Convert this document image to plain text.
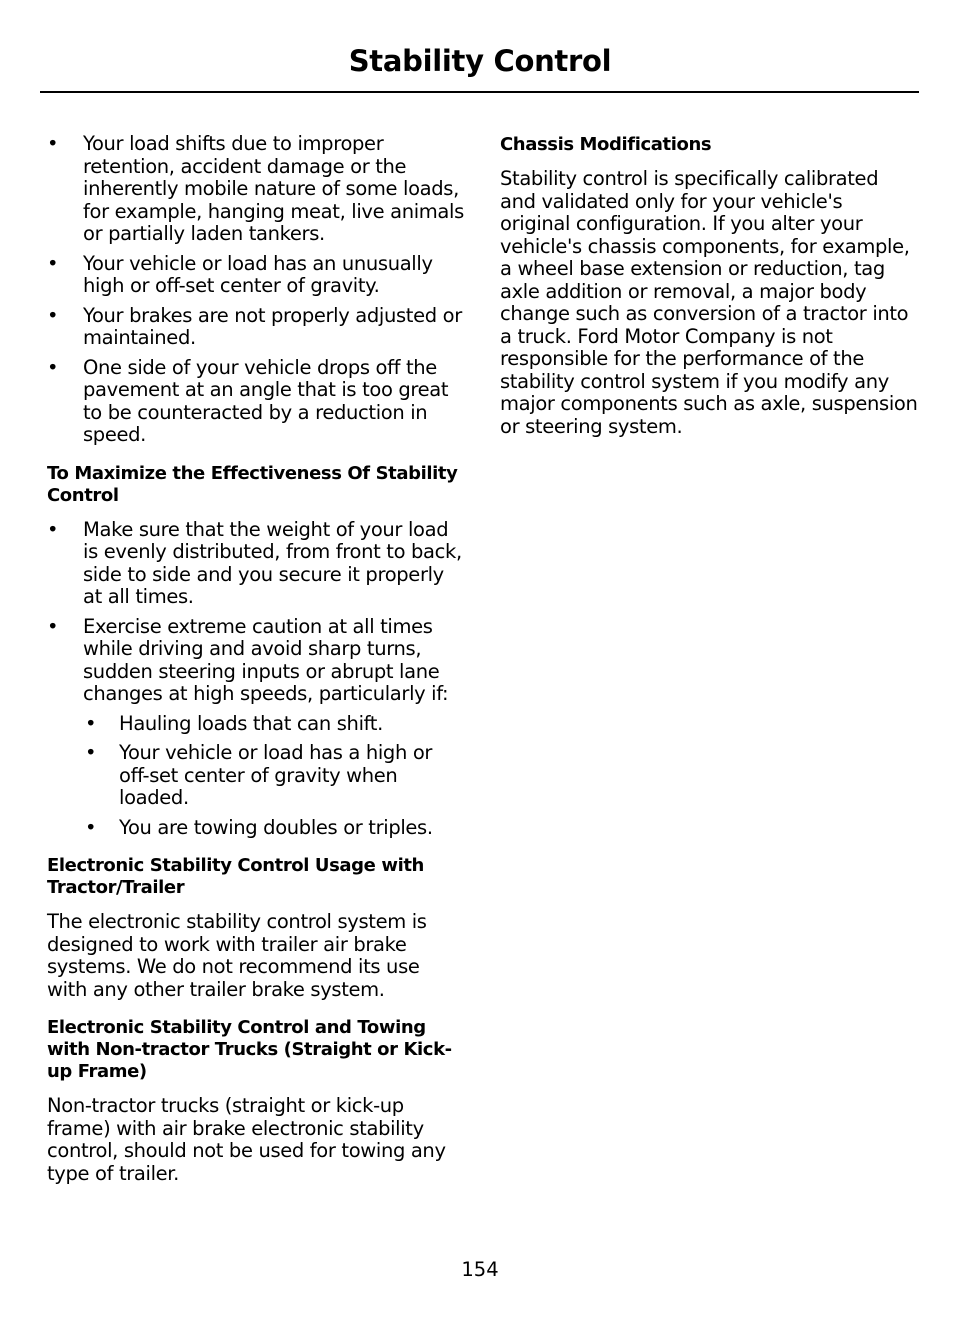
Stability Control
• Your load shifts due to improper retention, accident damage or the inherently mobile nature of some loads, for example, hanging meat, live animals or partially laden tankers.
• Your vehicle or load has an unusually high or off-set center of gravity.
• Your brakes are not properly adjusted or maintained.
• One side of your vehicle drops off the pavement at an angle that is too great to be counteracted by a reduction in speed.
To Maximize the Effectiveness Of Stability Control
• Make sure that the weight of your load is evenly distributed, from front to back, side to side and you secure it properly at all times.
• Exercise extreme caution at all times while driving and avoid sharp turns, sudden steering inputs or abrupt lane changes at high speeds, particularly if:
• Hauling loads that can shift.
• Your vehicle or load has a high or off-set center of gravity when loaded.
• You are towing doubles or triples.
Electronic Stability Control Usage with Tractor/Trailer

The electronic stability control system is designed to work with trailer air brake systems. We do not recommend its use with any other trailer brake system.

Electronic Stability Control and Towing with Non-tractor Trucks (Straight or Kick-up Frame)

Non-tractor trucks (straight or kick-up frame) with air brake electronic stability control, should not be used for towing any type of trailer.

Chassis Modifications

Stability control is specifically calibrated and validated only for your vehicle's original configuration. If you alter your vehicle's chassis components, for example, a wheel base extension or reduction, tag axle addition or removal, a major body change such as conversion of a tractor into a truck. Ford Motor Company is not responsible for the performance of the stability control system if you modify any major components such as axle, suspension or steering system.

154
